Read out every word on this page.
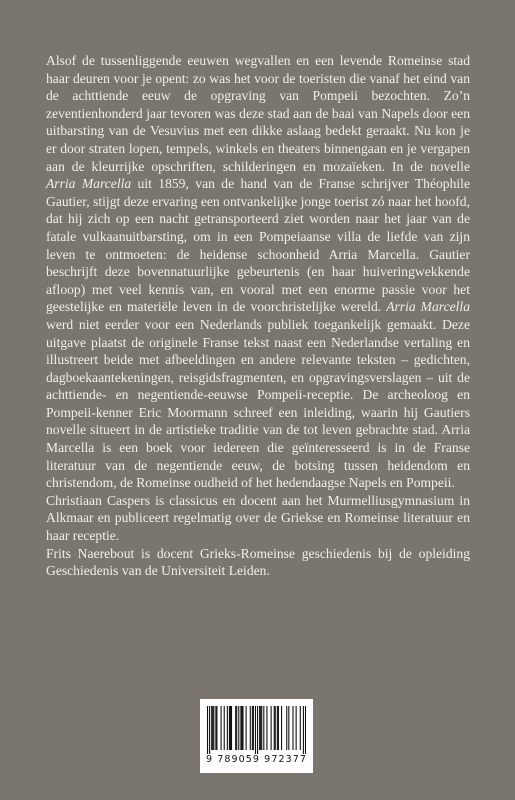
Alsof de tussenliggende eeuwen wegvallen en een levende Romeinse stad haar deuren voor je opent: zo was het voor de toeristen die vanaf het eind van de achttiende eeuw de opgraving van Pompeii bezochten. Zo’n zeventienhonderd jaar tevoren was deze stad aan de baai van Napels door een uitbarsting van de Vesuvius met een dikke aslaag bedekt geraakt. Nu kon je er door straten lopen, tempels, winkels en theaters binnengaan en je vergapen aan de kleurrijke opschriften, schilderingen en mozaïeken. In de novelle Arria Marcella uit 1859, van de hand van de Franse schrijver Théophile Gautier, stijgt deze ervaring een ontvankelijke jonge toerist zó naar het hoofd, dat hij zich op een nacht getransporteerd ziet worden naar het jaar van de fatale vulkaanuitbarsting, om in een Pompeiaanse villa de liefde van zijn leven te ontmoeten: de heidense schoonheid Arria Marcella. Gautier beschrijft deze bovennatuurlijke gebeurtenis (en haar huiveringwekkende afloop) met veel kennis van, en vooral met een enorme passie voor het geestelijke en materiële leven in de voorchristelijke wereld. Arria Marcella werd niet eerder voor een Nederlands publiek toegankelijk gemaakt. Deze uitgave plaatst de originele Franse tekst naast een Nederlandse vertaling en illustreert beide met afbeeldingen en andere relevante teksten – gedichten, dagboekaantekeningen, reisgidsfragmenten, en opgravingsverslagen – uit de achttiende- en negentiende-eeuwse Pompeii-receptie. De archeoloog en Pompeii-kenner Eric Moormann schreef een inleiding, waarin hij Gautiers novelle situeert in de artistieke traditie van de tot leven gebrachte stad. Arria Marcella is een boek voor iedereen die geïnteresseerd is in de Franse literatuur van de negentiende eeuw, de botsing tussen heidendom en christendom, de Romeinse oudheid of het hedendaagse Napels en Pompeii.

Christiaan Caspers is classicus en docent aan het Murmelliusgymnasium in Alkmaar en publiceert regelmatig over de Griekse en Romeinse literatuur en haar receptie.

Frits Naerebout is docent Grieks-Romeinse geschiedenis bij de opleiding Geschiedenis van de Universiteit Leiden.

9 789059 972377
